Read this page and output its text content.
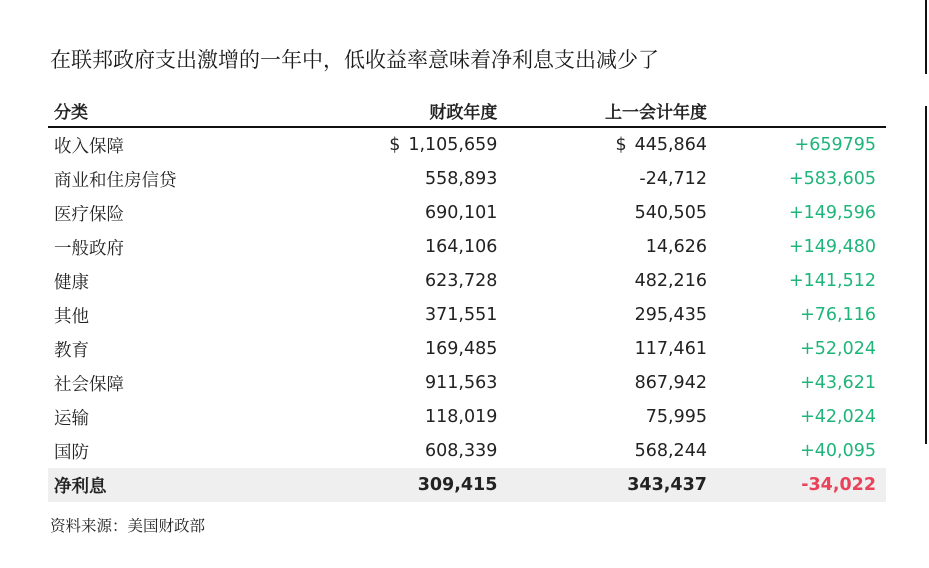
在联邦政府支出激增的一年中，低收益率意味着净利息支出减少了
分类	财政年度	上一会计年度	
收入保障	$ 1,105,659	$ 445,864	+659795
商业和住房信贷	558,893	-24,712	+583,605
医疗保险	690,101	540,505	+149,596
一般政府	164,106	14,626	+149,480
健康	623,728	482,216	+141,512
其他	371,551	295,435	+76,116
教育	169,485	117,461	+52,024
社会保障	911,563	867,942	+43,621
运输	118,019	75,995	+42,024
国防	608,339	568,244	+40,095
净利息	309,415	343,437	-34,022
资料来源：美国财政部
